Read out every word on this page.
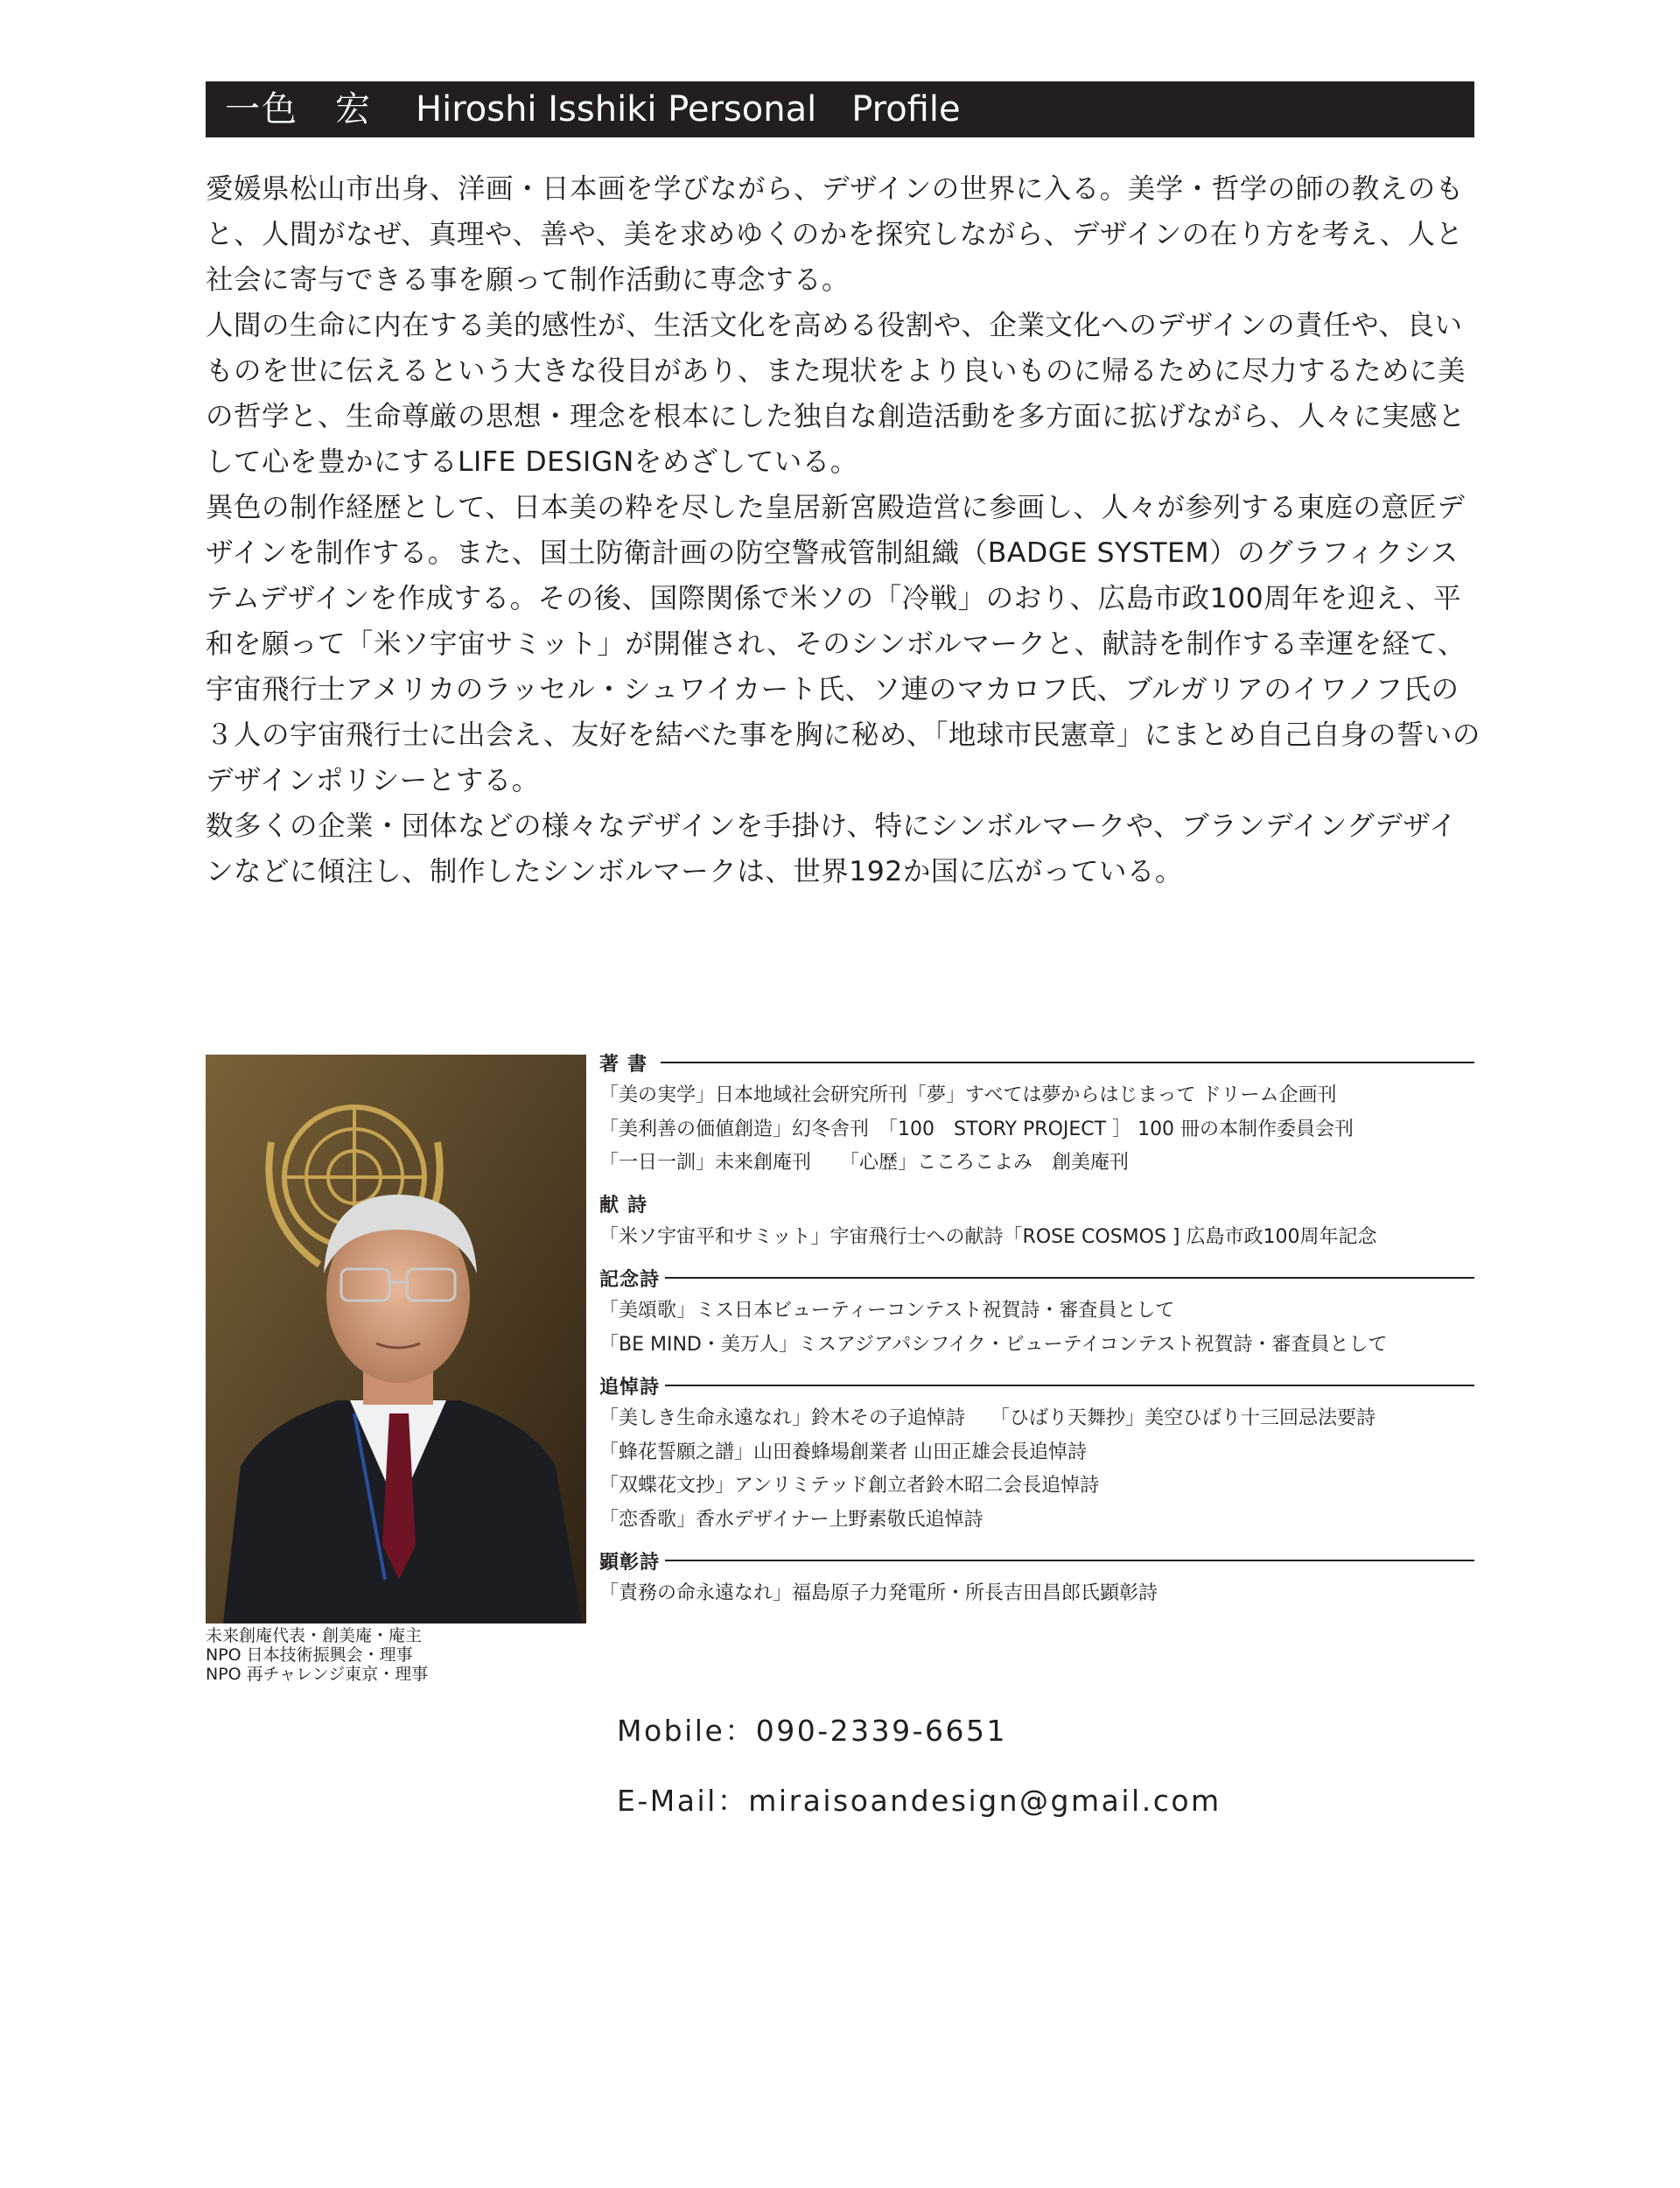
一色　宏 Hiroshi Isshiki Personal　Profile

愛媛県松山市出身、洋画・日本画を学びながら、デザインの世界に入る。美学・哲学の師の教えのもと、人間がなぜ、真理や、善や、美を求めゆくのかを探究しながら、デザインの在り方を考え、人と社会に寄与できる事を願って制作活動に専念する。

人間の生命に内在する美的感性が、生活文化を高める役割や、企業文化へのデザインの責任や、良いものを世に伝えるという大きな役目があり、また現状をより良いものに帰るために尽力するために美の哲学と、生命尊厳の思想・理念を根本にした独自な創造活動を多方面に拡げながら、人々に実感として心を豊かにするLIFE DESIGNをめざしている。

異色の制作経歴として、日本美の粋を尽した皇居新宮殿造営に参画し、人々が参列する東庭の意匠デザインを制作する。また、国土防衛計画の防空警戒管制組織（BADGE SYSTEM）のグラフィクシステムデザインを作成する。その後、国際関係で米ソの「冷戦」のおり、広島市政100周年を迎え、平和を願って「米ソ宇宙サミット」が開催され、そのシンボルマークと、献詩を制作する幸運を経て、宇宙飛行士アメリカのラッセル・シュワイカート氏、ソ連のマカロフ氏、ブルガリアのイワノフ氏の３人の宇宙飛行士に出会え、友好を結べた事を胸に秘め、「地球市民憲章」にまとめ自己自身の誓いのデザインポリシーとする。

数多くの企業・団体などの様々なデザインを手掛け、特にシンボルマークや、ブランデイングデザインなどに傾注し、制作したシンボルマークは、世界192か国に広がっている。

未来創庵代表・創美庵・庵主
NPO 日本技術振興会・理事
NPO 再チャレンジ東京・理事
著書
「美の実学」日本地域社会研究所刊「夢」すべては夢からはじまって ドリーム企画刊
「美利善の価値創造」幻冬舎刊　「100　STORY PROJECT ］ 100 冊の本制作委員会刊
「一日一訓」未来創庵刊　　「心歴」こころこよみ　創美庵刊
献詩
「米ソ宇宙平和サミット」宇宙飛行士への献詩「ROSE COSMOS ] 広島市政100周年記念
記念詩
「美頌歌」ミス日本ビューティーコンテスト祝賀詩・審査員として
「BE MIND・美万人」ミスアジアパシフイク・ビューテイコンテスト祝賀詩・審査員として
追悼詩
「美しき生命永遠なれ」鈴木その子追悼詩　 「ひばり天舞抄」美空ひばり十三回忌法要詩
「蜂花誓願之譜」山田養蜂場創業者 山田正雄会長追悼詩
「双蝶花文抄」アンリミテッド創立者鈴木昭二会長追悼詩
「恋香歌」香水デザイナー上野素敬氏追悼詩
顕彰詩
「責務の命永遠なれ」福島原子力発電所・所長吉田昌郎氏顕彰詩
Mobile：090-2339-6651
E-Mail：miraisoandesign@gmail.com
